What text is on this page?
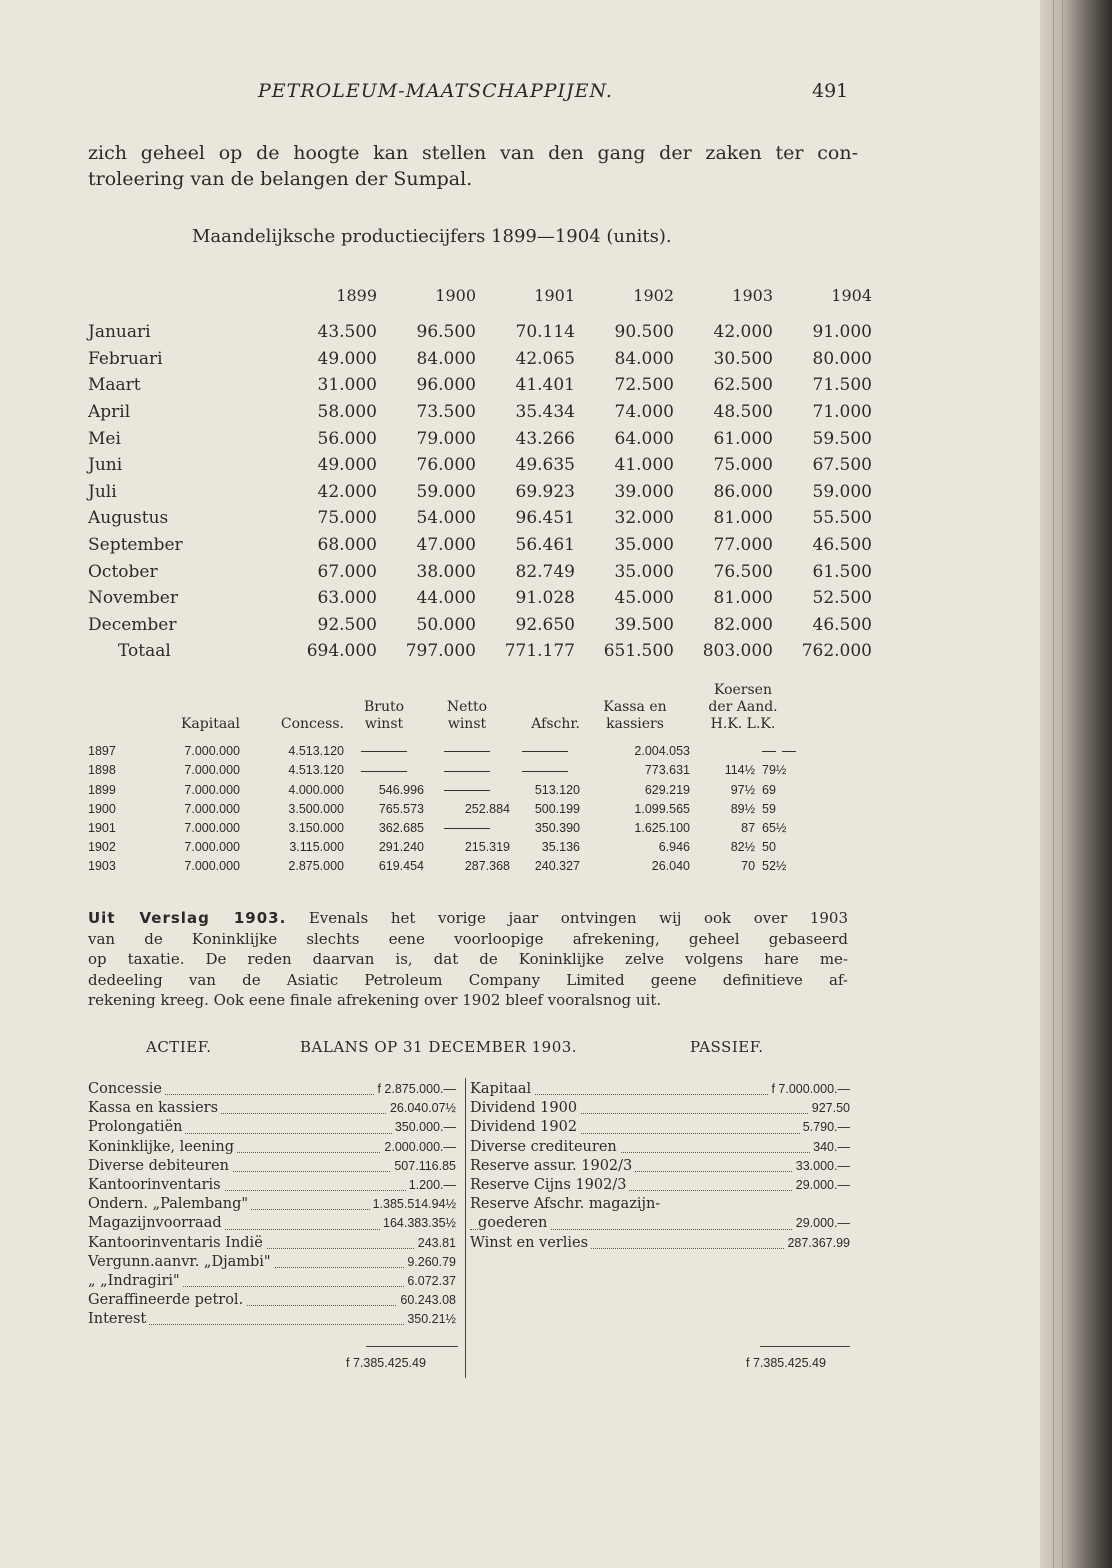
PETROLEUM-MAATSCHAPPIJEN.	491
zich geheel op de hoogte kan stellen van den gang der zaken ter con-
troleering van de belangen der Sumpal.
Maandelijksche productiecijfers 1899—1904 (units).
	1899	1900	1901	1902	1903	1904

Januari	43.500	96.500	70.114	90.500	42.000	91.000
Februari	49.000	84.000	42.065	84.000	30.500	80.000
Maart	31.000	96.000	41.401	72.500	62.500	71.500
April	58.000	73.500	35.434	74.000	48.500	71.000
Mei	56.000	79.000	43.266	64.000	61.000	59.500
Juni	49.000	76.000	49.635	41.000	75.000	67.500
Juli	42.000	59.000	69.923	39.000	86.000	59.000
Augustus	75.000	54.000	96.451	32.000	81.000	55.500
September	68.000	47.000	56.461	35.000	77.000	46.500
October	67.000	38.000	82.749	35.000	76.500	61.500
November	63.000	44.000	91.028	45.000	81.000	52.500
December	92.500	50.000	92.650	39.500	82.000	46.500
Totaal	694.000	797.000	771.177	651.500	803.000	762.000
							Koersen
			Bruto	Netto		Kassa en	der Aand.
	Kapitaal	Concess.	winst	winst	Afschr.	kassiers	H.K. L.K.
1897	7.000.000	4.513.120				2.004.053	
1898	7.000.000	4.513.120				773.631	114½ 79½
1899	7.000.000	4.000.000	546.996		513.120	629.219	97½ 69
1900	7.000.000	3.500.000	765.573	252.884	500.199	1.099.565	89½ 59
1901	7.000.000	3.150.000	362.685		350.390	1.625.100	87 65½
1902	7.000.000	3.115.000	291.240	215.319	35.136	6.946	82½ 50
1903	7.000.000	2.875.000	619.454	287.368	240.327	26.040	70 52½
Uit Verslag 1903. Evenals het vorige jaar ontvingen wij ook over 1903
van de Koninklijke slechts eene voorloopige afrekening, geheel gebaseerd
op taxatie. De reden daarvan is, dat de Koninklijke zelve volgens hare me-
dedeeling van de Asiatic Petroleum Company Limited geene definitieve af-
rekening kreeg. Ook eene finale afrekening over 1902 bleef vooralsnog uit.
ACTIEF.	BALANS OP 31 DECEMBER 1903.	PASSIEF.
Concessie	f 2.875.000.—
Kassa en kassiers	26.040.07½
Prolongatiën	350.000.—
Koninklijke, leening	2.000.000.—
Diverse debiteuren	507.116.85
Kantoorinventaris	1.200.—
Ondern. „Palembang"	1.385.514.94½
Magazijnvoorraad	164.383.35½
Kantoorinventaris Indië	243.81
Vergunn.aanvr. „Djambi"	9.260.79
„ „Indragiri"	6.072.37
Geraffineerde petrol.	60.243.08
Interest	350.21½
Kapitaal	f 7.000.000.—
Dividend 1900	927.50
Dividend 1902	5.790.—
Diverse crediteuren	340.—
Reserve assur. 1902/3	33.000.—
Reserve Cijns 1902/3	29.000.—
Reserve Afschr. magazijn-
goederen	29.000.—
Winst en verlies	287.367.99
f 7.385.425.49	f 7.385.425.49
